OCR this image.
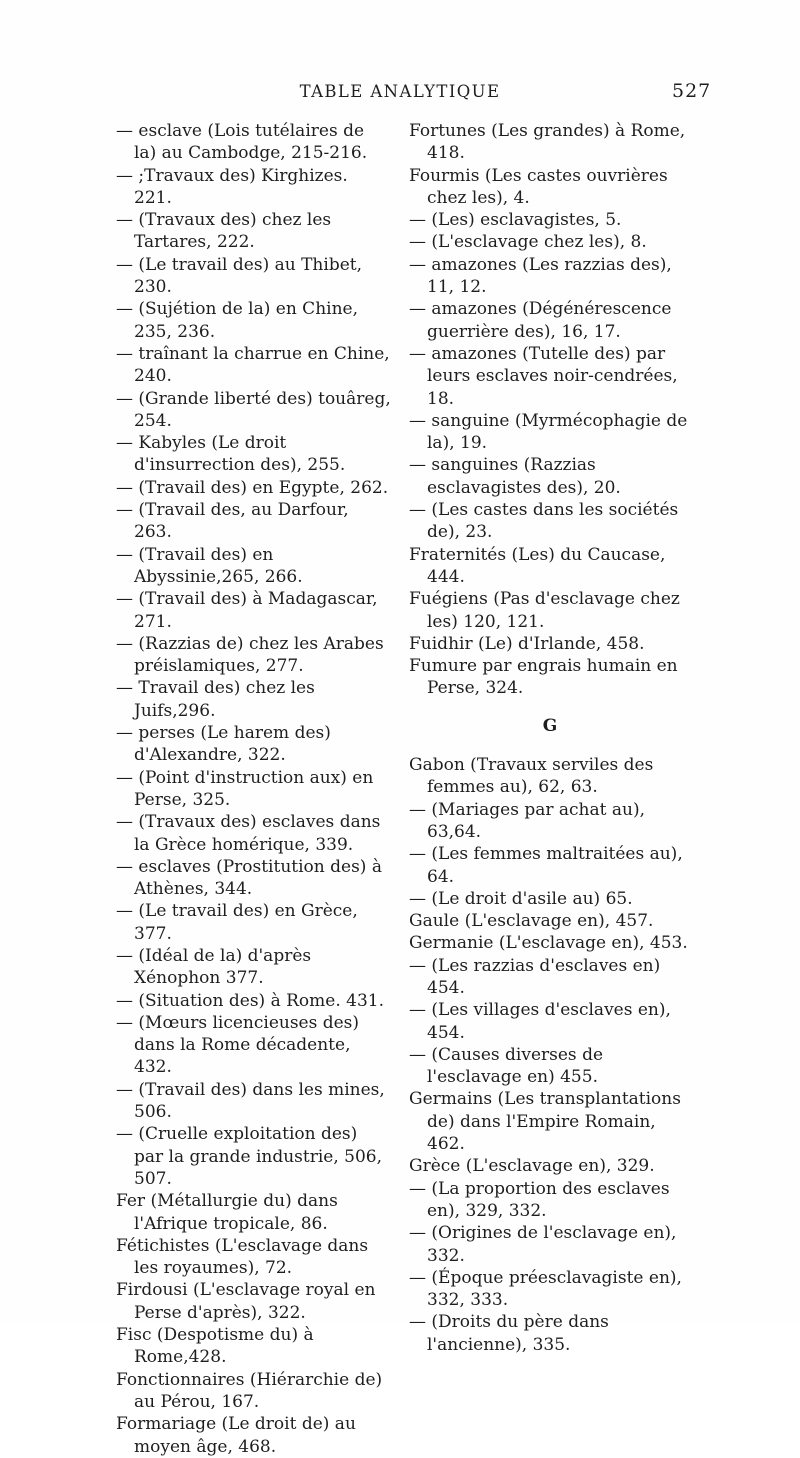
TABLE ANALYTIQUE	527

— esclave (Lois tutélaires de la) au Cambodge, 215-216.

— ;Travaux des) Kirghizes. 221.

— (Travaux des) chez les Tartares, 222.

— (Le travail des) au Thibet, 230.

— (Sujétion de la) en Chine, 235, 236.

— traînant la charrue en Chine, 240.

— (Grande liberté des) touâreg, 254.

— Kabyles (Le droit d'insurrection des), 255.

— (Travail des) en Egypte, 262.

— (Travail des, au Darfour, 263.

— (Travail des) en Abyssinie,265, 266.

— (Travail des) à Madagascar, 271.

— (Razzias de) chez les Arabes préislamiques, 277.

— Travail des) chez les Juifs,296.

— perses (Le harem des) d'Alexandre, 322.

— (Point d'instruction aux) en Perse, 325.

— (Travaux des) esclaves dans la Grèce homérique, 339.

— esclaves (Prostitution des) à Athènes, 344.

— (Le travail des) en Grèce, 377.

— (Idéal de la) d'après Xénophon 377.

— (Situation des) à Rome. 431.

— (Mœurs licencieuses des) dans la Rome décadente, 432.

— (Travail des) dans les mines, 506.

— (Cruelle exploitation des) par la grande industrie, 506, 507.

Fer (Métallurgie du) dans l'Afrique tropicale, 86.

Fétichistes (L'esclavage dans les royaumes), 72.

Firdousi (L'esclavage royal en Perse d'après), 322.

Fisc (Despotisme du) à Rome,428.

Fonctionnaires (Hiérarchie de) au Pérou, 167.

Formariage (Le droit de) au moyen âge, 468.

Fortunes (Les grandes) à Rome, 418.

Fourmis (Les castes ouvrières chez les), 4.

— (Les) esclavagistes, 5.

— (L'esclavage chez les), 8.

— amazones (Les razzias des), 11, 12.

— amazones (Dégénérescence guerrière des), 16, 17.

— amazones (Tutelle des) par leurs esclaves noir-cendrées, 18.

— sanguine (Myrmécophagie de la), 19.

— sanguines (Razzias esclavagistes des), 20.

— (Les castes dans les sociétés de), 23.

Fraternités (Les) du Caucase, 444.

Fuégiens (Pas d'esclavage chez les) 120, 121.

Fuidhir (Le) d'Irlande, 458.

Fumure par engrais humain en Perse, 324.

G

Gabon (Travaux serviles des femmes au), 62, 63.

— (Mariages par achat au), 63,64.

— (Les femmes maltraitées au), 64.

— (Le droit d'asile au) 65.

Gaule (L'esclavage en), 457.

Germanie (L'esclavage en), 453.

— (Les razzias d'esclaves en) 454.

— (Les villages d'esclaves en), 454.

— (Causes diverses de l'esclavage en) 455.

Germains (Les transplantations de) dans l'Empire Romain, 462.

Grèce (L'esclavage en), 329.

— (La proportion des esclaves en), 329, 332.

— (Origines de l'esclavage en), 332.

— (Époque préesclavagiste en), 332, 333.

— (Droits du père dans l'ancienne), 335.
